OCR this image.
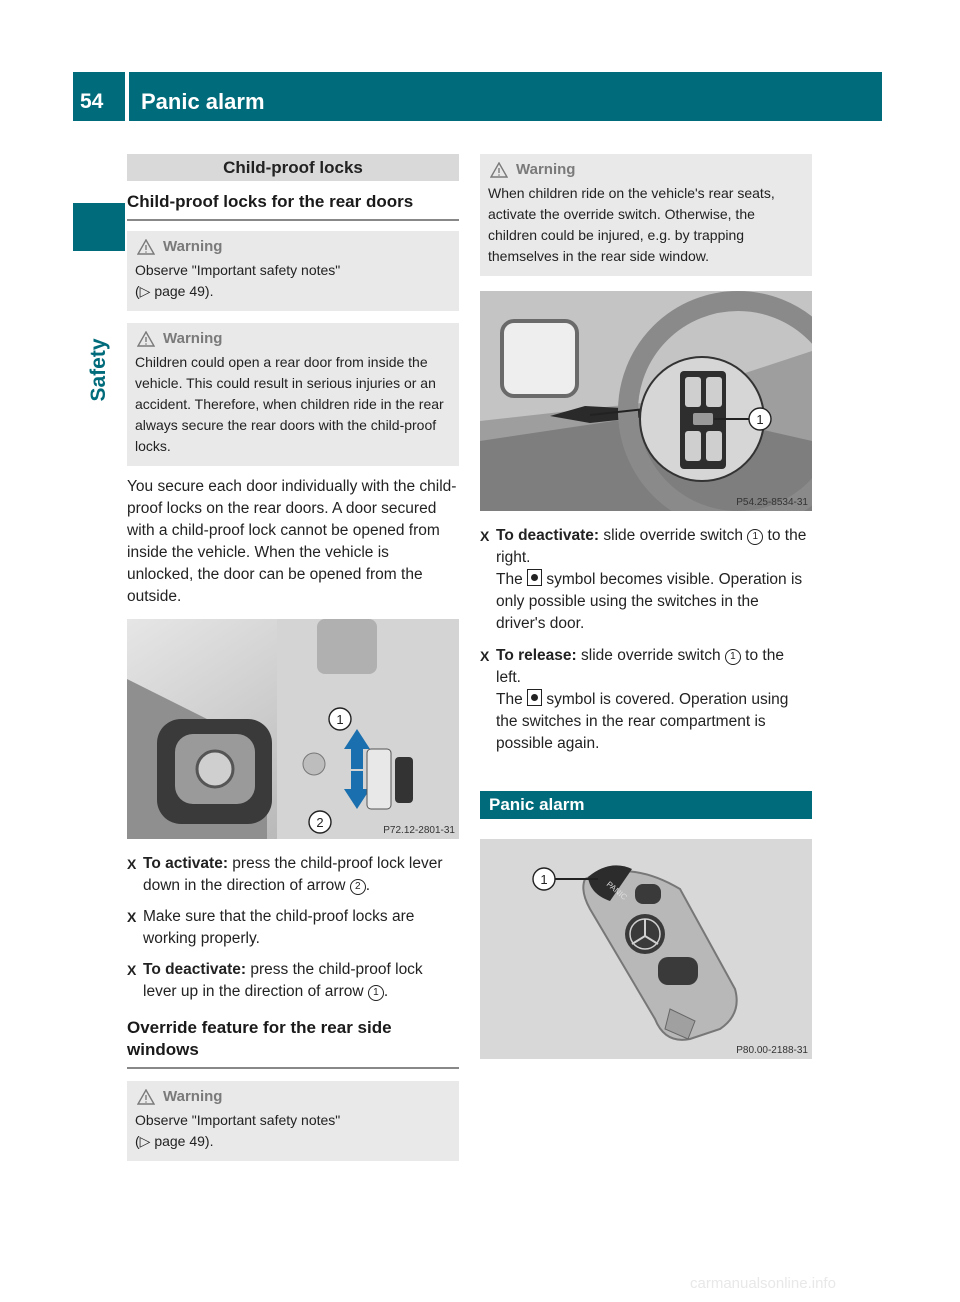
54 Panic alarm
Safety
Child-proof locks
Child-proof locks for the rear doors
Warning
Observe "Important safety notes"
(▷ page 49).
Warning
Children could open a rear door from inside the vehicle. This could result in serious injuries or an accident. Therefore, when children ride in the rear always secure the rear doors with the child-proof locks.
You secure each door individually with the child-proof locks on the rear doors. A door secured with a child-proof lock cannot be opened from inside the vehicle. When the vehicle is unlocked, the door can be opened from the outside.
1
2
P72.12-2801-31
X To activate: press the child-proof lock lever down in the direction of arrow 2 .
X Make sure that the child-proof locks are working properly.
X To deactivate: press the child-proof lock lever up in the direction of arrow 1 .
Override feature for the rear side windows
Warning
Observe "Important safety notes"
(▷ page 49).
Warning
When children ride on the vehicle's rear seats, activate the override switch. Otherwise, the children could be injured, e.g. by trapping themselves in the rear side window.
1
P54.25-8534-31
X To deactivate: slide override switch 1 to the right.
The  symbol becomes visible. Operation is only possible using the switches in the driver's door.
X To release: slide override switch 1 to the left.
The  symbol is covered. Operation using the switches in the rear compartment is possible again.
Panic alarm
PANIC
1
P80.00-2188-31
carmanualsonline.info
